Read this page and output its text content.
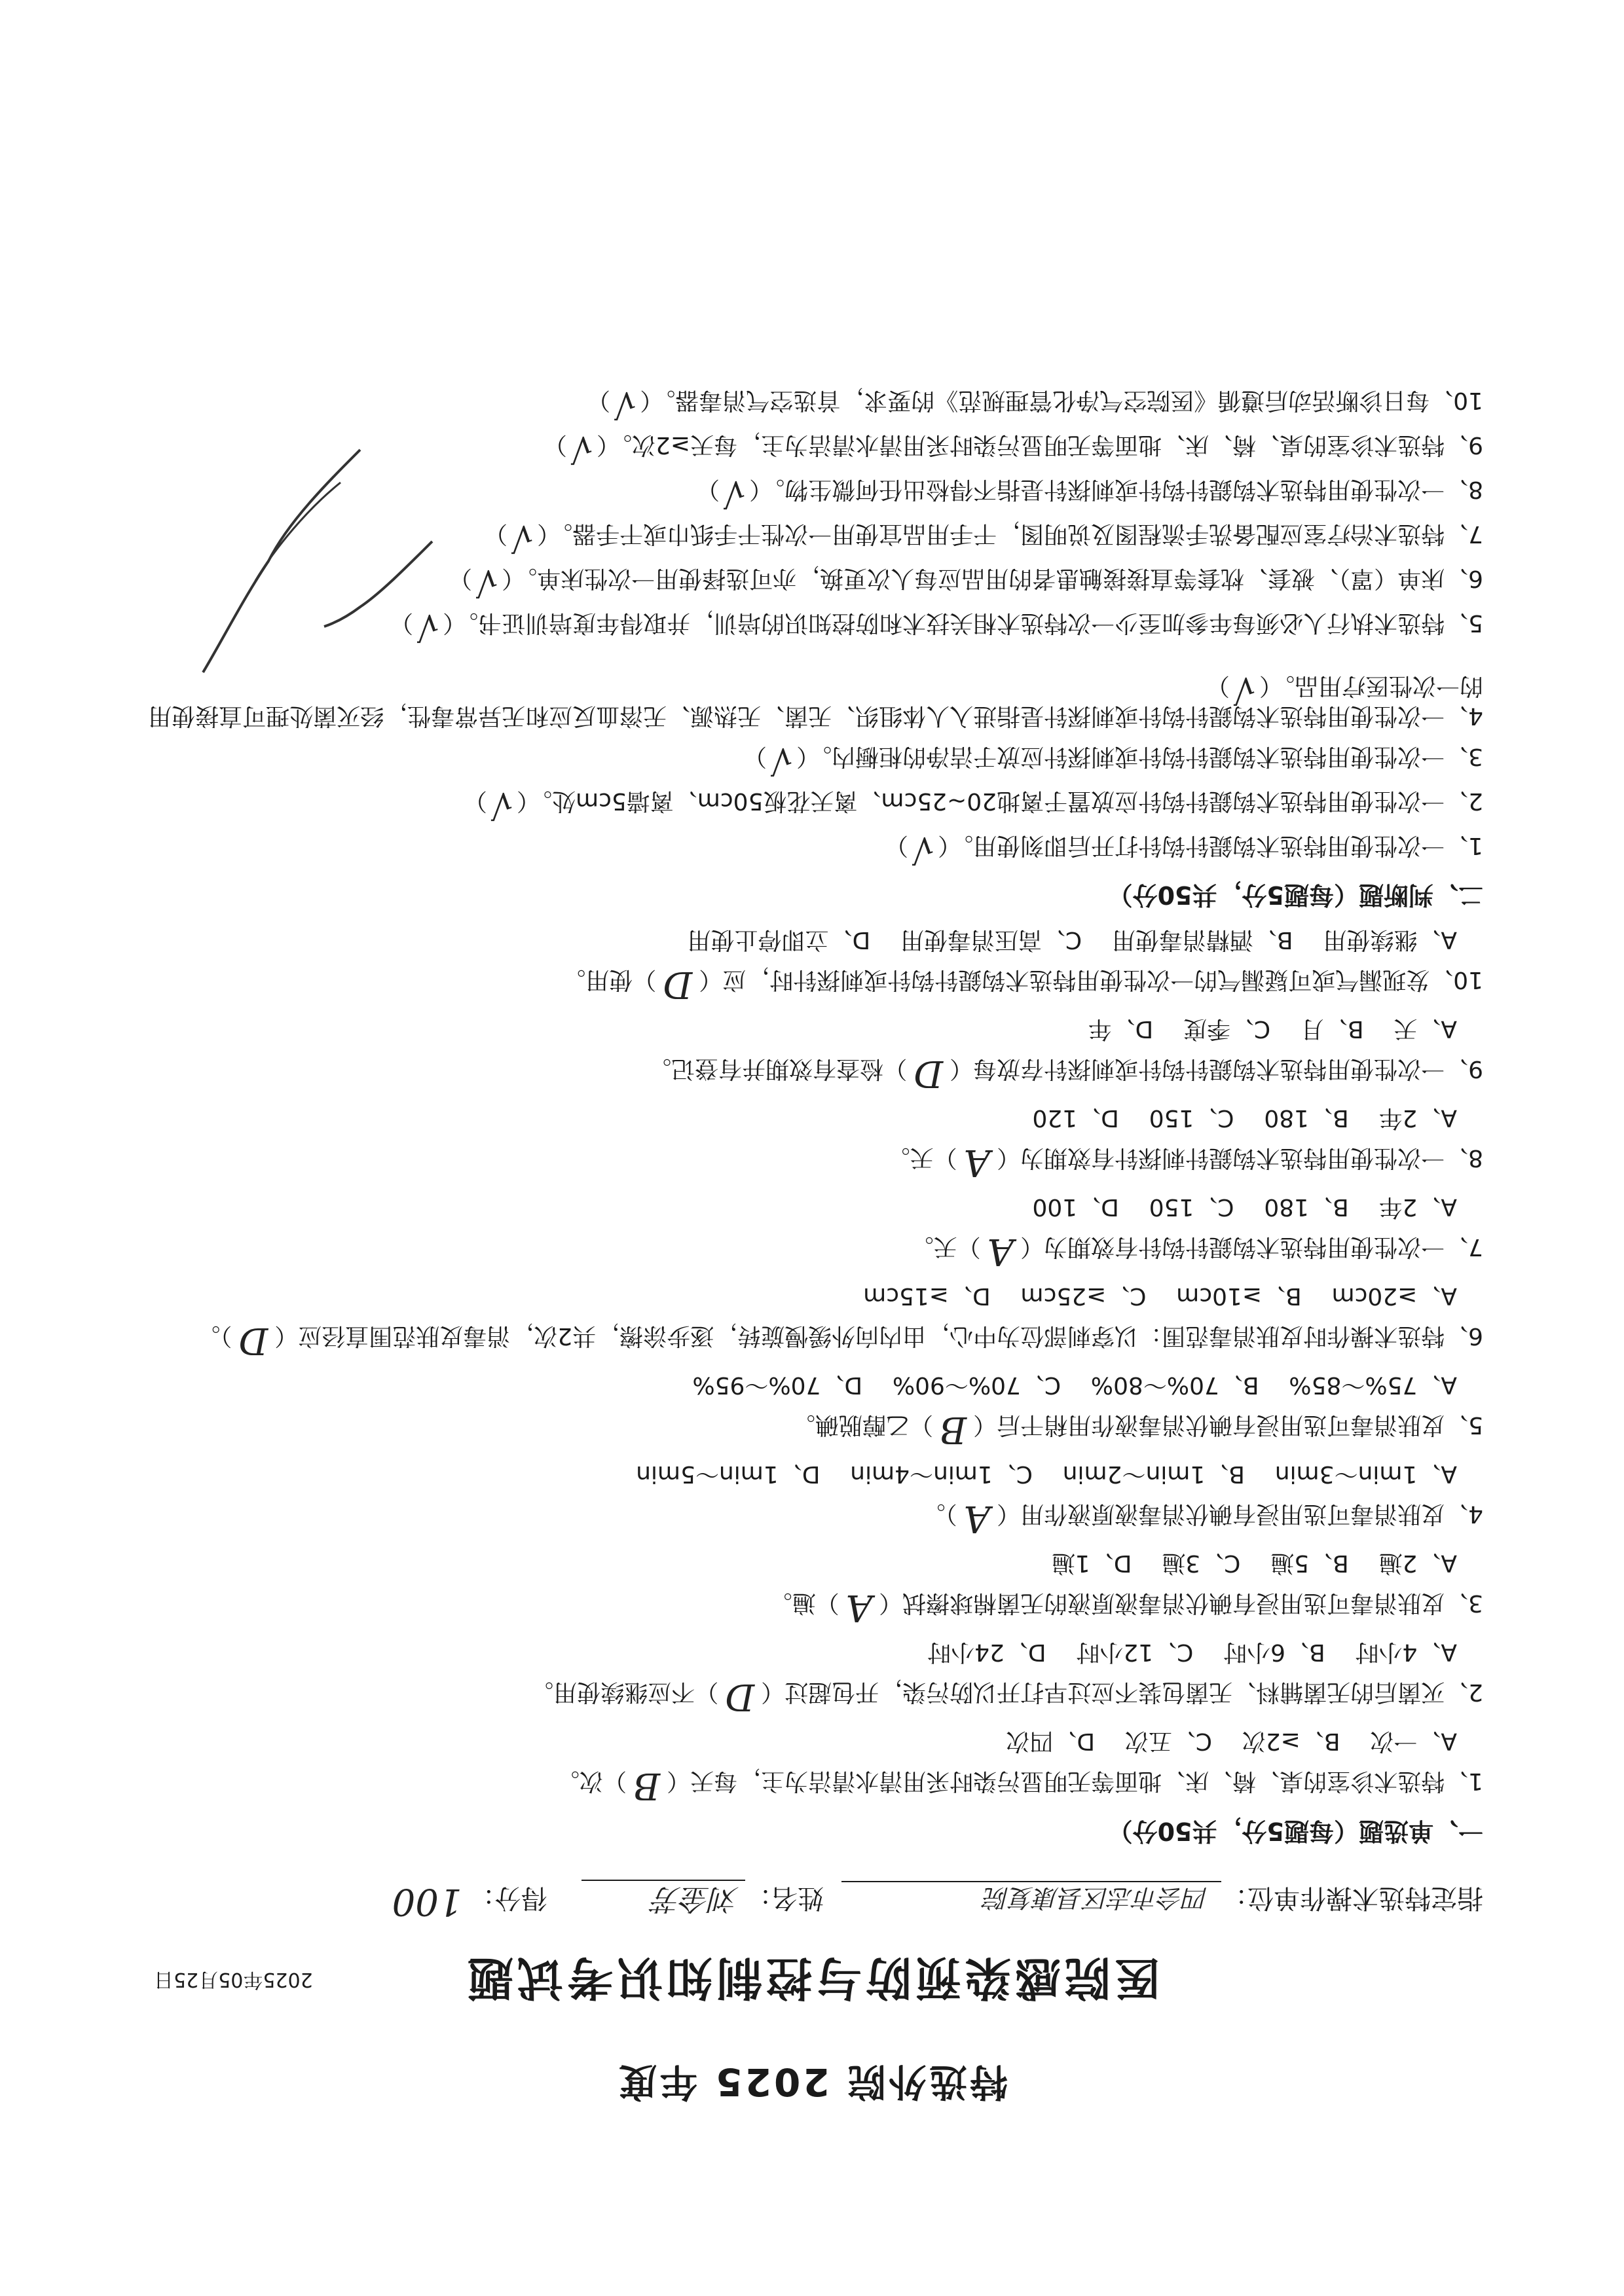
特选外院 2025 年度
医院感染预防与控制知识考试题
2025年05月25日
指定特选术操作单位：四会市志区县康复院 姓名：刘金芳 得分：100
一、单选题（每题5分，共50分）
1、特选术诊室的桌、椅、床、地面等无明显污染时采用清水清洁为主，每天（B）次。
A、一次    B、≥2次    C、五次    D、四次
2、灭菌后的无菌辅料、无菌包装不应过早打开以防污染，开包超过（D）不应继续使用。
A、4小时    B、6小时    C、12小时    D、24小时
3、皮肤消毒可选用浸有碘伏消毒液原液的无菌棉球擦拭（A）遍。
A、2遍    B、5遍    C、3遍    D、1遍
4、皮肤消毒可选用浸有碘伏消毒液原液作用（A）。
A、1min～3min    B、1min～2min    C、1min～4min    D、1min～5min
5、皮肤消毒可选用浸有碘伏消毒液作用稍干后（B）乙醇脱碘。
A、75%～85%    B、70%～80%    C、70%～90%    D、70%～95%
6、特选术操作时皮肤消毒范围：以穿刺部位为中心，由内向外缓慢旋转，逐步涂擦，共2次，消毒皮肤范围直径应（D）。
A、≥20cm    B、≥10cm    C、≥25cm    D、≥15cm
7、一次性使用特选术钩鍉针钩针有效期为（A）天。
A、2年    B、180    C、150    D、100
8、一次性使用特选术钩鍉针刺探针有效期为（A）天。
A、2年    B、180    C、150    D、120
9、一次性使用特选术钩鍉针钩针或刺探针存放每（D）检查有效期并有登记。
A、天    B、月    C、季度    D、年
10、发现漏气或可疑漏气的一次性使用特选术钩鍉针钩针或刺探针时，应（D）使用。
A、继续使用    B、酒精消毒使用    C、高压消毒使用    D、立即停止使用
二、判断题（每题5分，共50分）
1、一次性使用特选术钩鍉针钩针打开后即刻使用。（√）
2、一次性使用特选术钩鍉针钩针应放置于离地20~25cm、离天花板50cm、离墙5cm处。（√）
3、一次性使用特选术钩鍉针钩针或刺探针应放于洁净的柜橱内。（√）
4、一次性使用特选术钩鍉针钩针或刺探针是指进入人体组织、无菌、无热源、无溶血反应和无异常毒性，经灭菌处理可直接使用的一次性医疗用品。（√）
5、特选术执行人必须每年参加至少一次特选术相关技术和防控知识的培训，并取得年度培训证书。（√）
6、床单（罩）、被套、枕套等直接接触患者的用品应每人次更换，亦可选择使用一次性床单。（√）
7、特选术治疗室应配备洗手流程图及说明图，干手用品宜使用一次性干手纸巾或干手器。（√）
8、一次性使用特选术钩鍉针钩针或刺探针是指不得检出任何微生物。（√）
9、特选术诊室的桌、椅、床、地面等无明显污染时采用清水清洁为主，每天≥2次。（√）
10、每日诊断活动后遵循《医院空气净化管理规范》的要求，首选空气消毒器。（√）
